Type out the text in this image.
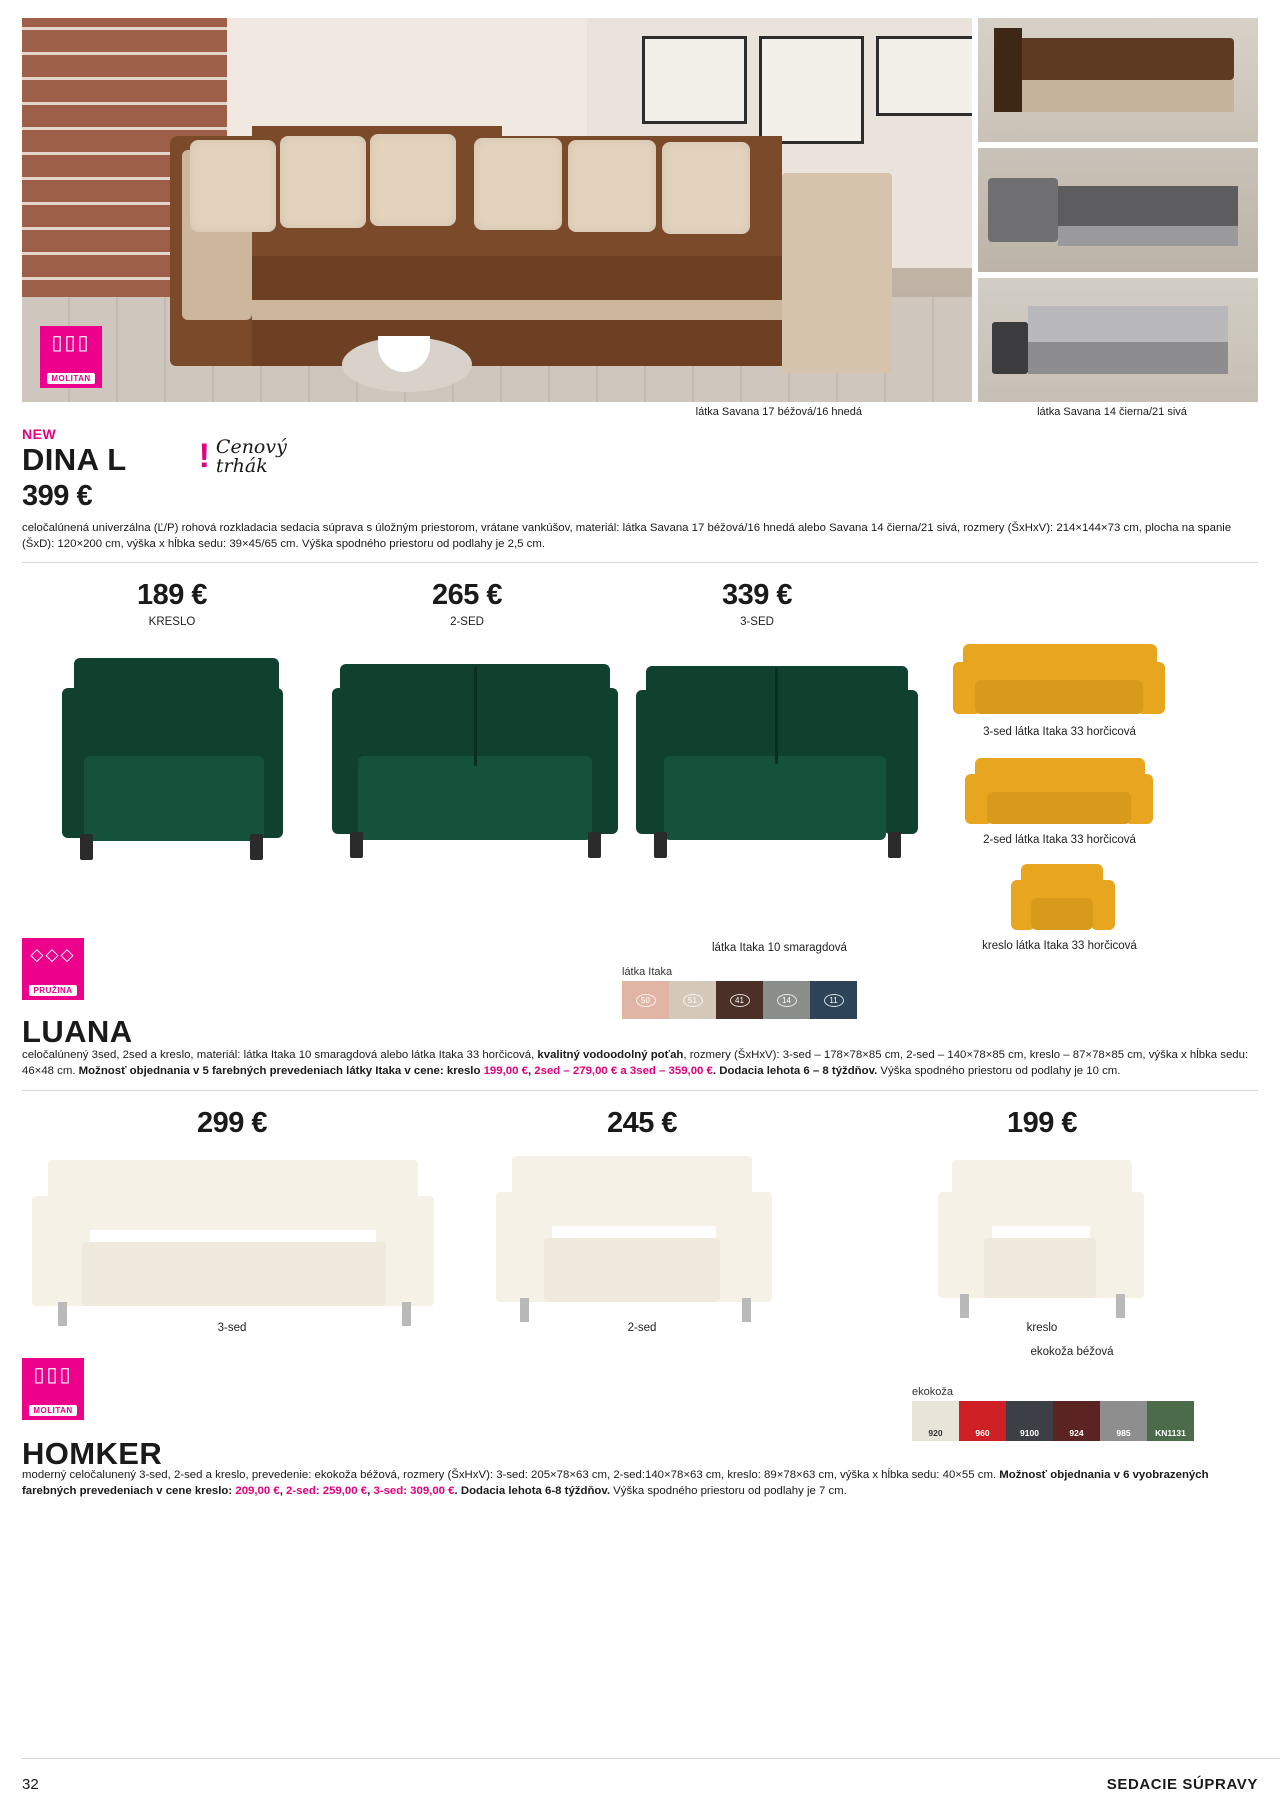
▯▯▯
MOLITAN
látka Savana 17 béžová/16 hnedá	látka Savana 14 čierna/21 sivá
NEW
DINA L
399 €
! Cenový
trhák
celočalúnená univerzálna (Ľ/P) rohová rozkladacia sedacia súprava s úložným priestorom, vrátane vankúšov, materiál: látka Savana 17 béžová/16 hnedá alebo Savana 14 čierna/21 sivá, rozmery (ŠxHxV): 214×144×73 cm, plocha na spanie (ŠxD): 120×200 cm, výška x hĺbka sedu: 39×45/65 cm. Výška spodného priestoru od podlahy je 2,5 cm.
189 €
KRESLO
265 €
2-SED
339 €
3-SED
3-sed látka Itaka 33 horčicová
2-sed látka Itaka 33 horčicová
kreslo látka Itaka 33 horčicová
◇◇◇
PRUŽINA
LUANA
látka Itaka 10 smaragdová
látka Itaka
50	51	41	14	11
celočalúnený 3sed, 2sed a kreslo, materiál: látka Itaka 10 smaragdová alebo látka Itaka 33 horčicová, kvalitný vodoodolný poťah, rozmery (ŠxHxV): 3-sed – 178×78×85 cm, 2-sed – 140×78×85 cm, kreslo – 87×78×85 cm, výška x hĺbka sedu: 46×48 cm. Možnosť objednania v 5 farebných prevedeniach látky Itaka v cene: kreslo 199,00 €, 2sed – 279,00 € a 3sed – 359,00 €. Dodacia lehota 6 – 8 týždňov. Výška spodného priestoru od podlahy je 10 cm.
299 €	245 €	199 €
3-sed	2-sed	kreslo
ekokoža béžová
▯▯▯
MOLITAN
HOMKER
ekokoža
920	960	9100	924	985	KN1131
moderný celočalunený 3-sed, 2-sed a kreslo, prevedenie: ekokoža béžová, rozmery (ŠxHxV): 3-sed: 205×78×63 cm, 2-sed:140×78×63 cm, kreslo: 89×78×63 cm, výška x hĺbka sedu: 40×55 cm. Možnosť objednania v 6 vyobrazených farebných prevedeniach v cene kreslo: 209,00 €, 2-sed: 259,00 €, 3-sed: 309,00 €. Dodacia lehota 6-8 týždňov. Výška spodného priestoru od podlahy je 7 cm.
32	SEDACIE SÚPRAVY
